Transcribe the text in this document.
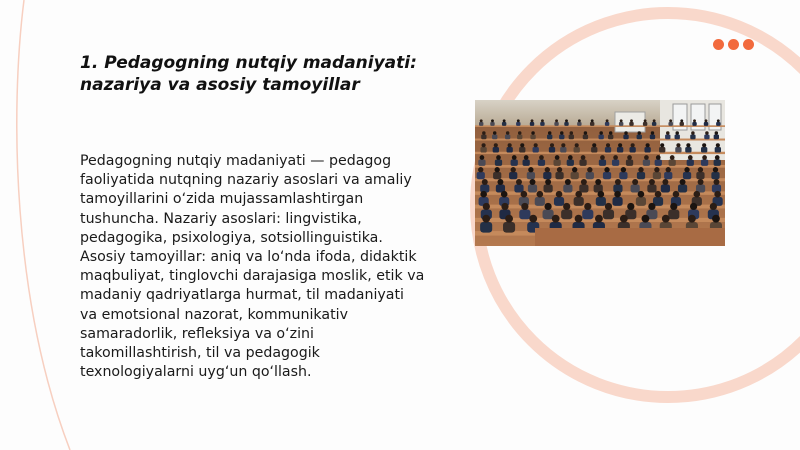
1. Pedagogning nutqiy madaniyati: nazariya va asosiy tamoyillar

Pedagogning nutqiy madaniyati — pedagog faoliyatida nutqning nazariy asoslari va amaliy tamoyillarini o‘zida mujassamlashtirgan tushuncha. Nazariy asoslari: lingvistika, pedagogika, psixologiya, sotsiollinguistika. Asosiy tamoyillar: aniq va lo‘nda ifoda, didaktik maqbuliyat, tinglovchi darajasiga moslik, etik va madaniy qadriyatlarga hurmat, til madaniyati va emotsional nazorat, kommunikativ samaradorlik, refleksiya va o‘zini takomillashtirish, til va pedagogik texnologiyalarni uyg‘un qo‘llash.
